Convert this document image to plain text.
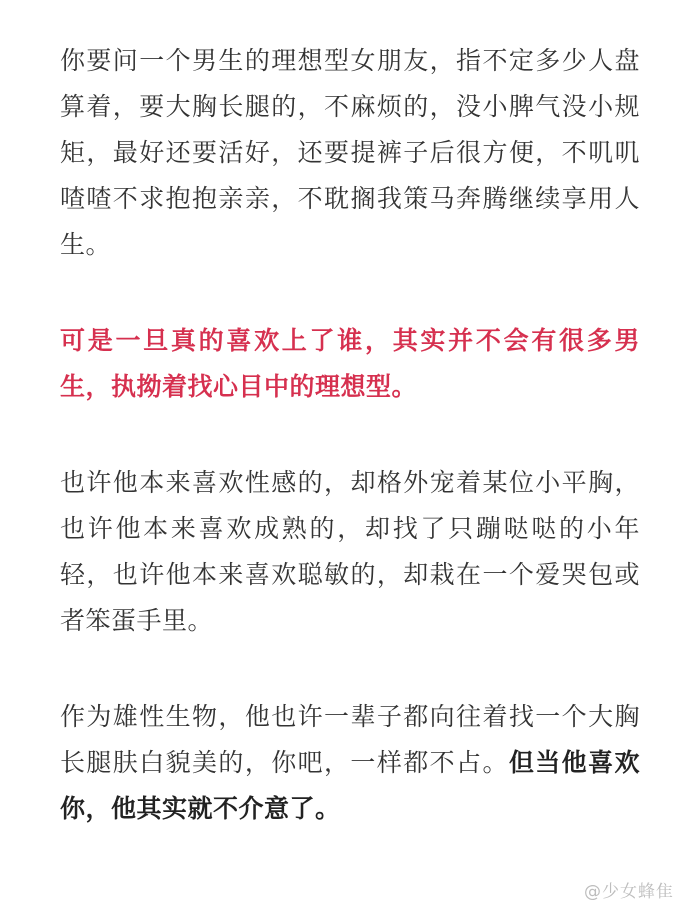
你要问一个男生的理想型女朋友，指不定多少人盘算着，要大胸长腿的，不麻烦的，没小脾气没小规矩，最好还要活好，还要提裤子后很方便，不叽叽喳喳不求抱抱亲亲，不耽搁我策马奔腾继续享用人生。

可是一旦真的喜欢上了谁，其实并不会有很多男生，执拗着找心目中的理想型。

也许他本来喜欢性感的，却格外宠着某位小平胸，也许他本来喜欢成熟的，却找了只蹦哒哒的小年轻，也许他本来喜欢聪敏的，却栽在一个爱哭包或者笨蛋手里。

作为雄性生物，他也许一辈子都向往着找一个大胸长腿肤白貌美的，你吧，一样都不占。但当他喜欢你，他其实就不介意了。

@少女蜂隹
